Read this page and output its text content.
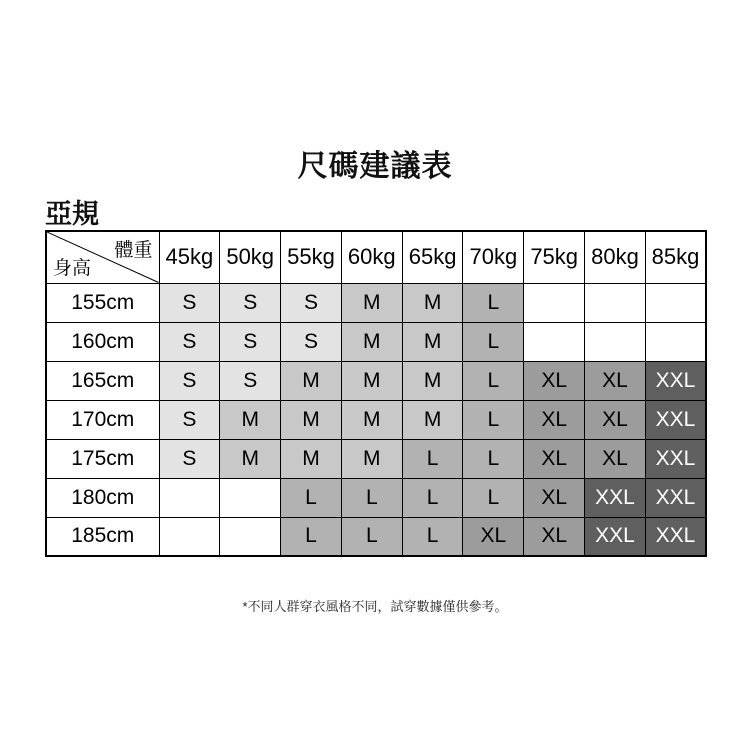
尺碼建議表
亞規
體重
身高	45kg	50kg	55kg	60kg	65kg	70kg	75kg	80kg	85kg
155cm	S	S	S	M	M	L			
160cm	S	S	S	M	M	L			
165cm	S	S	M	M	M	L	XL	XL	XXL
170cm	S	M	M	M	M	L	XL	XL	XXL
175cm	S	M	M	M	L	L	XL	XL	XXL
180cm			L	L	L	L	XL	XXL	XXL
185cm			L	L	L	XL	XL	XXL	XXL
*不同人群穿衣風格不同，試穿數據僅供參考。
